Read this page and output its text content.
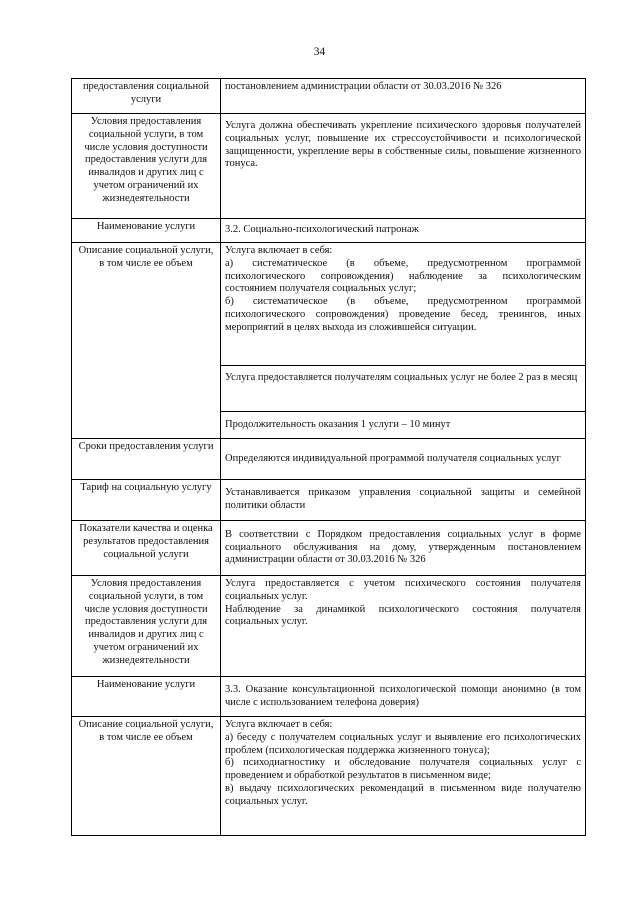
34
предоставления социальной услуги	постановлением администрации области от 30.03.2016 № 326
Условия предоставления социальной услуги, в том числе условия доступности предоставления услуги для инвалидов и других лиц с учетом ограничений их жизнедеятельности	Услуга должна обеспечивать укрепление психического здоровья получателей социальных услуг, повышение их стрессоустойчивости и психологической защищенности, укрепление веры в собственные силы, повышение жизненного тонуса.
Наименование услуги	3.2. Социально-психологический патронаж
Описание социальной услуги, в том числе ее объем	Услуга включает в себя:

а) систематическое (в объеме, предусмотренном программой психологического сопровождения) наблюдение за психологическим состоянием получателя социальных услуг;

б) систематическое (в объеме, предусмотренном программой психологического сопровождения) проведение бесед, тренингов, иных мероприятий в целях выхода из сложившейся ситуации.

	Услуга предоставляется получателям социальных услуг не более 2 раз в месяц
	Продолжительность оказания 1 услуги – 10 минут
Сроки предоставления услуги	Определяются индивидуальной программой получателя социальных услуг
Тариф на социальную услугу	Устанавливается приказом управления социальной защиты и семейной политики области
Показатели качества и оценка результатов предоставления социальной услуги	В соответствии с Порядком предоставления социальных услуг в форме социального обслуживания на дому, утвержденным постановлением администрации области от 30.03.2016 № 326
Условия предоставления социальной услуги, в том числе условия доступности предоставления услуги для инвалидов и других лиц с учетом ограничений их жизнедеятельности	Услуга предоставляется с учетом психического состояния получателя социальных услуг.

Наблюдение за динамикой психологического состояния получателя социальных услуг.

Наименование услуги	3.3. Оказание консультационной психологической помощи анонимно (в том числе с использованием телефона доверия)
Описание социальной услуги, в том числе ее объем	Услуга включает в себя:

а) беседу с получателем социальных услуг и выявление его психологических проблем (психологическая поддержка жизненного тонуса);

б) психодиагностику и обследование получателя социальных услуг с проведением и обработкой результатов в письменном виде;

в) выдачу психологических рекомендаций в письменном виде получателю социальных услуг.
